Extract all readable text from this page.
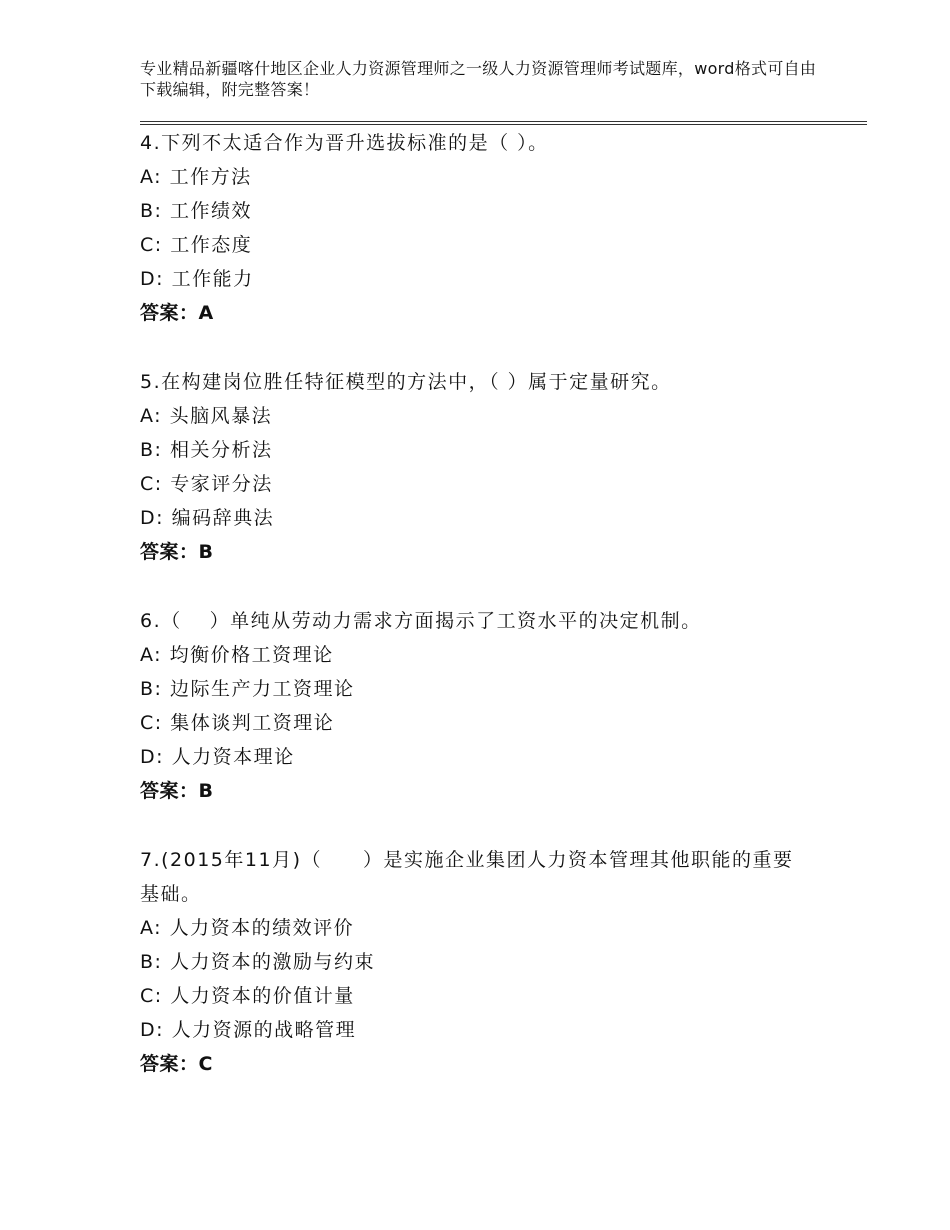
专业精品新疆喀什地区企业人力资源管理师之一级人力资源管理师考试题库，word格式可自由下载编辑，附完整答案！
4.下列不太适合作为晋升选拔标准的是（ ）。
A: 工作方法
B: 工作绩效
C: 工作态度
D: 工作能力
答案：A
5.在构建岗位胜任特征模型的方法中，（ ）属于定量研究。
A: 头脑风暴法
B: 相关分析法
C: 专家评分法
D: 编码辞典法
答案：B
6.（　 ）单纯从劳动力需求方面揭示了工资水平的决定机制。
A: 均衡价格工资理论
B: 边际生产力工资理论
C: 集体谈判工资理论
D: 人力资本理论
答案：B
7.(2015年11月)（　　）是实施企业集团人力资本管理其他职能的重要基础。
A: 人力资本的绩效评价
B: 人力资本的激励与约束
C: 人力资本的价值计量
D: 人力资源的战略管理
答案：C
